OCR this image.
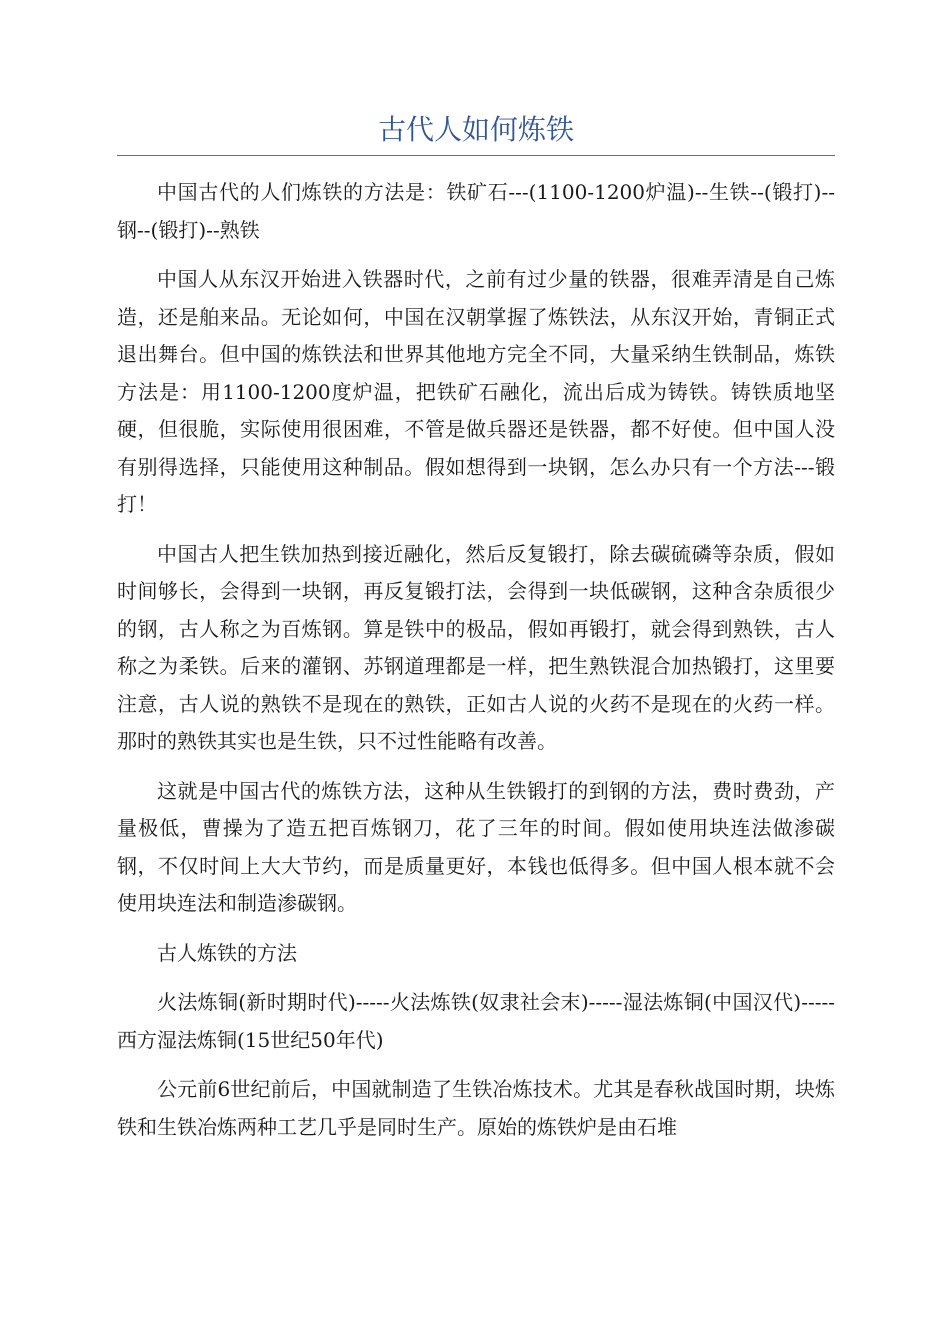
古代人如何炼铁

中国古代的人们炼铁的方法是：铁矿石---(1100-1200炉温)--生铁--(锻打)--钢--(锻打)--熟铁

中国人从东汉开始进入铁器时代，之前有过少量的铁器，很难弄清是自己炼造，还是舶来品。无论如何，中国在汉朝掌握了炼铁法，从东汉开始，青铜正式退出舞台。但中国的炼铁法和世界其他地方完全不同，大量采纳生铁制品，炼铁方法是：用1100-1200度炉温，把铁矿石融化，流出后成为铸铁。铸铁质地坚硬，但很脆，实际使用很困难，不管是做兵器还是铁器，都不好使。但中国人没有别得选择，只能使用这种制品。假如想得到一块钢，怎么办只有一个方法---锻打！

中国古人把生铁加热到接近融化，然后反复锻打，除去碳硫磷等杂质，假如时间够长，会得到一块钢，再反复锻打法，会得到一块低碳钢，这种含杂质很少的钢，古人称之为百炼钢。算是铁中的极品，假如再锻打，就会得到熟铁，古人称之为柔铁。后来的灌钢、苏钢道理都是一样，把生熟铁混合加热锻打，这里要注意，古人说的熟铁不是现在的熟铁，正如古人说的火药不是现在的火药一样。那时的熟铁其实也是生铁，只不过性能略有改善。

这就是中国古代的炼铁方法，这种从生铁锻打的到钢的方法，费时费劲，产量极低，曹操为了造五把百炼钢刀，花了三年的时间。假如使用块连法做渗碳钢，不仅时间上大大节约，而是质量更好，本钱也低得多。但中国人根本就不会使用块连法和制造渗碳钢。

古人炼铁的方法

火法炼铜(新时期时代)-----火法炼铁(奴隶社会末)-----湿法炼铜(中国汉代)-----西方湿法炼铜(15世纪50年代)

公元前6世纪前后，中国就制造了生铁冶炼技术。尤其是春秋战国时期，块炼铁和生铁冶炼两种工艺几乎是同时生产。原始的炼铁炉是由石堆
